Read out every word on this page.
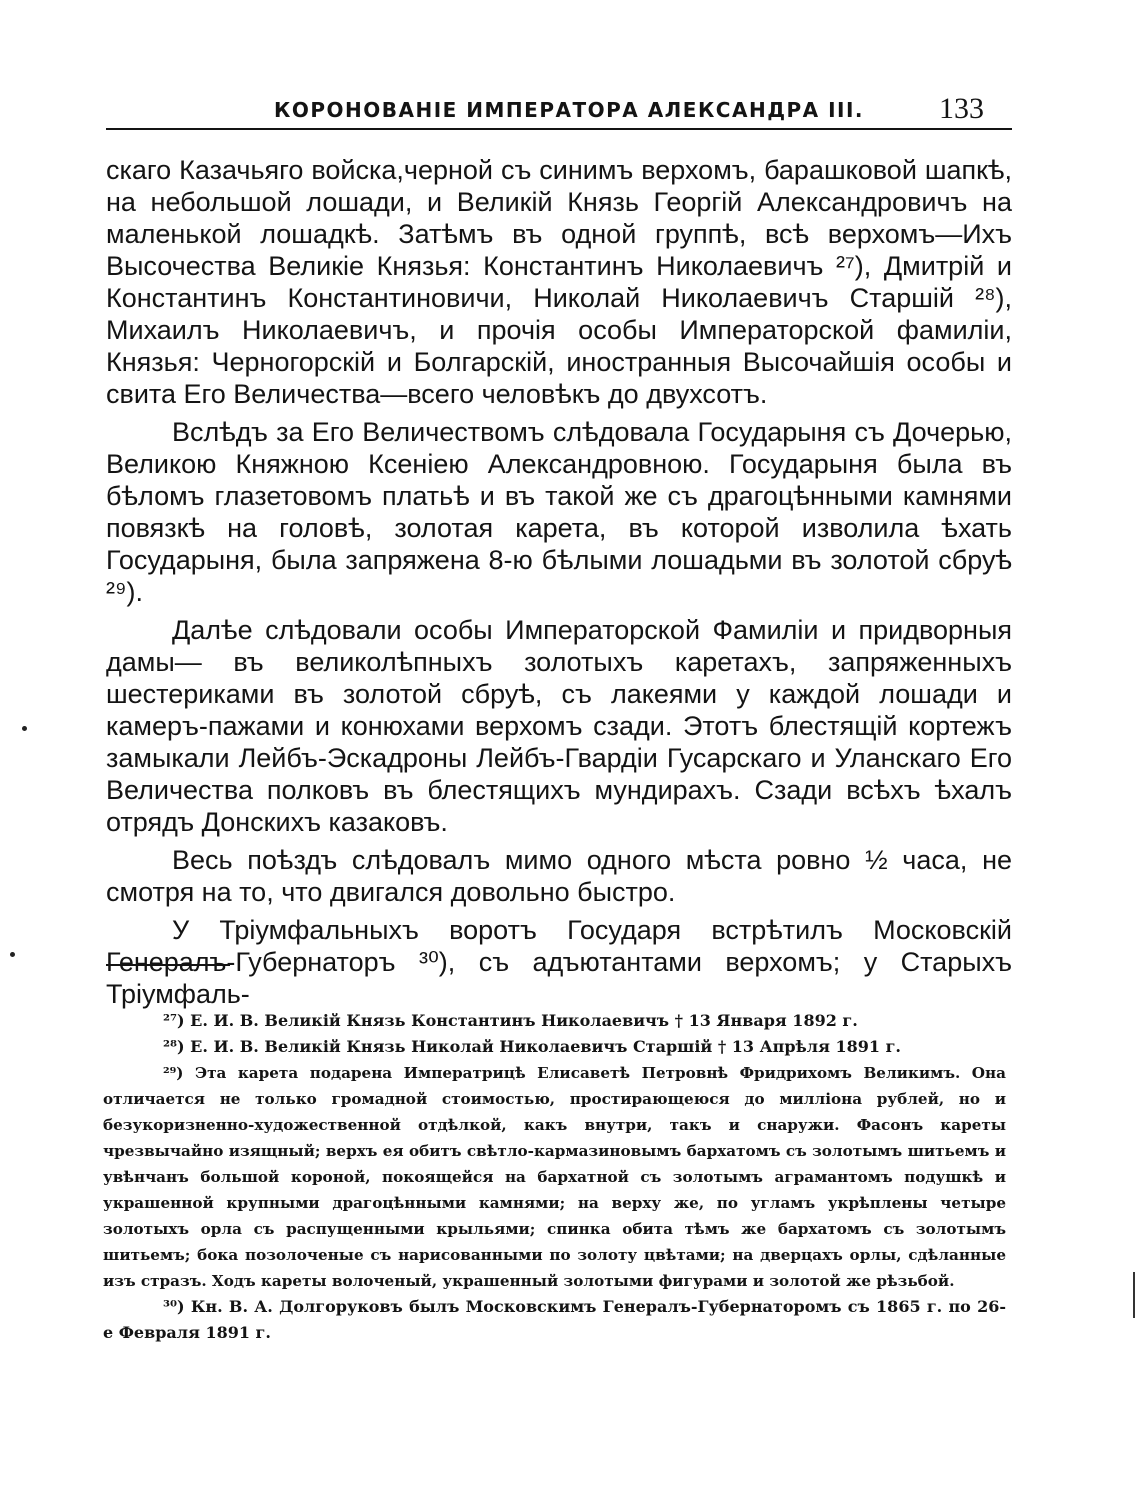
КОРОНОВАНІЕ ИМПЕРАТОРА АЛЕКСАНДРА III. 133

скаго Казачьяго войска,черной съ синимъ верхомъ, барашковой шапкѣ, на небольшой лошади, и Великій Князь Георгій Александровичъ на маленькой лошадкѣ. Затѣмъ въ одной группѣ, всѣ верхомъ—Ихъ Высочества Великіе Князья: Константинъ Николаевичъ ²⁷), Дмитрій и Константинъ Константиновичи, Николай Николаевичъ Старшій ²⁸), Михаилъ Николаевичъ, и прочія особы Императорской фамиліи, Князья: Черногорскій и Болгарскій, иностранныя Высочайшія особы и свита Его Величества—всего человѣкъ до двухсотъ.

Вслѣдъ за Его Величествомъ слѣдовала Государыня съ Дочерью, Великою Княжною Ксеніею Александровною. Государыня была въ бѣломъ глазетовомъ платьѣ и въ такой же съ драгоцѣнными камнями повязкѣ на головѣ, золотая карета, въ которой изволила ѣхать Государыня, была запряжена 8-ю бѣлыми лошадьми въ золотой сбруѣ ²⁹).

Далѣе слѣдовали особы Императорской Фамиліи и придворныя дамы— въ великолѣпныхъ золотыхъ каретахъ, запряженныхъ шестериками въ золотой сбруѣ, съ лакеями у каждой лошади и камеръ-пажами и конюхами верхомъ сзади. Этотъ блестящій кортежъ замыкали Лейбъ-Эскадроны Лейбъ-Гвардіи Гусарскаго и Уланскаго Его Величества полковъ въ блестящихъ мундирахъ. Сзади всѣхъ ѣхалъ отрядъ Донскихъ казаковъ.

Весь поѣздъ слѣдовалъ мимо одного мѣста ровно ½ часа, не смотря на то, что двигался довольно быстро.

У Тріумфальныхъ воротъ Государя встрѣтилъ Московскій Генералъ-Губернаторъ ³⁰), съ адъютантами верхомъ; у Старыхъ Тріумфаль-

²⁷) Е. И. В. Великій Князь Константинъ Николаевичъ † 13 Января 1892 г.

²⁸) Е. И. В. Великій Князь Николай Николаевичъ Старшій † 13 Апрѣля 1891 г.

²⁹) Эта карета подарена Императрицѣ Елисаветѣ Петровнѣ Фридрихомъ Великимъ. Она отличается не только громадной стоимостью, простирающеюся до милліона рублей, но и безукоризненно-художественной отдѣлкой, какъ внутри, такъ и снаружи. Фасонъ кареты чрезвычайно изящный; верхъ ея обитъ свѣтло-кармазиновымъ бархатомъ съ золотымъ шитьемъ и увѣнчанъ большой короной, покоящейся на бархатной съ золотымъ аграмантомъ подушкѣ и украшенной крупными драгоцѣнными камнями; на верху же, по угламъ укрѣплены четыре золотыхъ орла съ распущенными крыльями; спинка обита тѣмъ же бархатомъ съ золотымъ шитьемъ; бока позолоченые съ нарисованными по золоту цвѣтами; на дверцахъ орлы, сдѣланные изъ стразъ. Ходъ кареты волоченый, украшенный золотыми фигурами и золотой же рѣзьбой.

³⁰) Кн. В. А. Долгоруковъ былъ Московскимъ Генералъ-Губернаторомъ съ 1865 г. по 26-е Февраля 1891 г.
